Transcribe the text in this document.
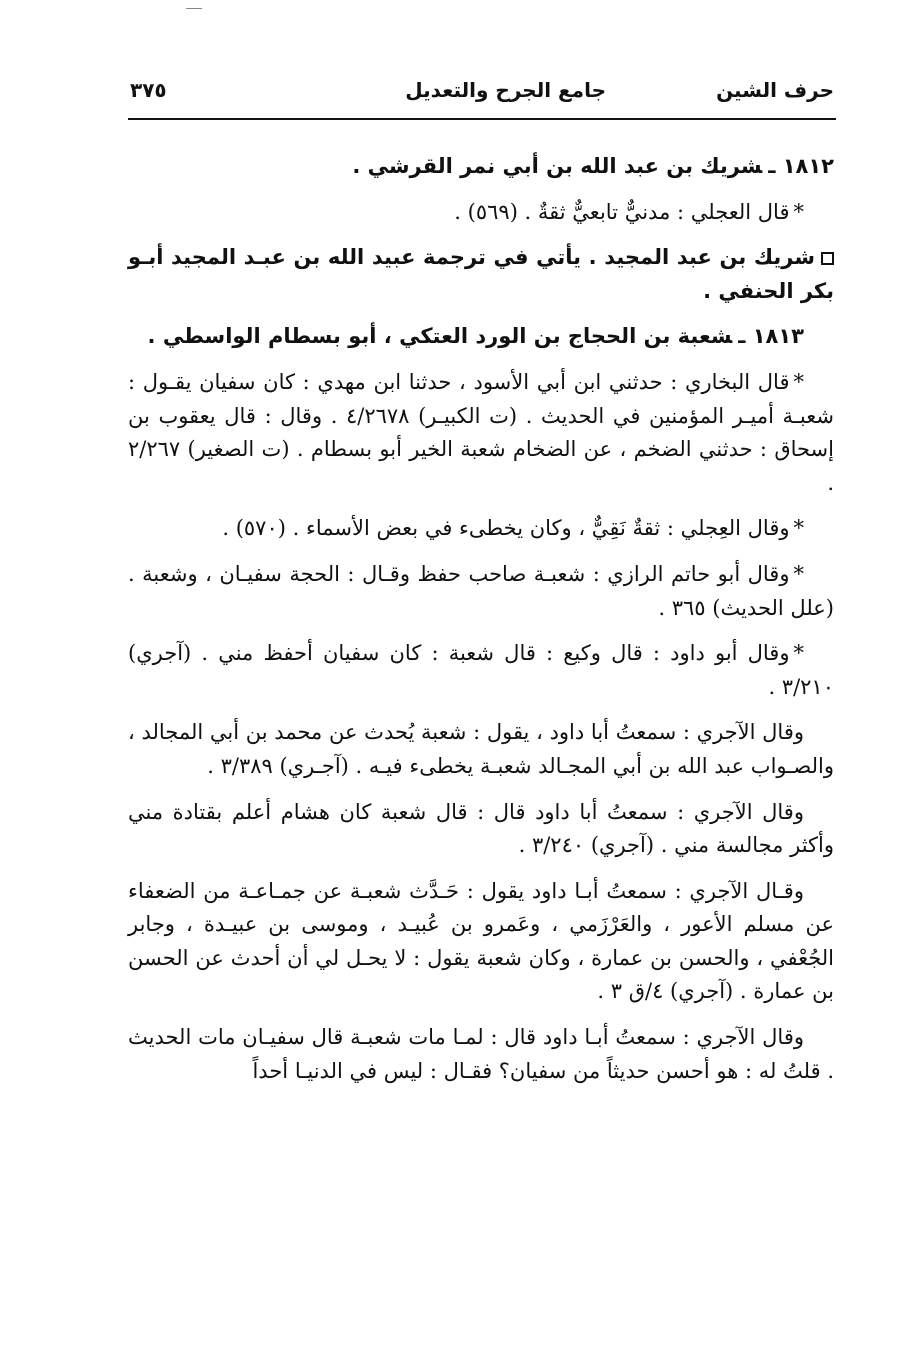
حرف الشين
جامع الجرح والتعديل
٣٧٥

١٨١٢ ـشريك بن عبد الله بن أبي نمر القرشي .

*قال العجلي : مدنيٌّ تابعيٌّ ثقةٌ . (٥٦٩) .

شريك بن عبد المجيد . يأتي في ترجمة عبيد الله بن عبـد المجيد أبـو بكر الحنفي .

١٨١٣ ـشعبة بن الحجاج بن الورد العتكي ، أبو بسطام الواسطي .

*قال البخاري : حدثني ابن أبي الأسود ، حدثنا ابن مهدي : كان سفيان يقـول : شعبـة أميـر المؤمنين في الحديث . (ت الكبيـر) ٤/٢٦٧٨ . وقال : قال يعقوب بن إسحاق : حدثني الضخم ، عن الضخام شعبة الخير أبو بسطام . (ت الصغير) ٢/٢٦٧ .

*وقال العِجلي : ثقةٌ نَقِيٌّ ، وكان يخطىء في بعض الأسماء . (٥٧٠) .

*وقال أبو حاتم الرازي : شعبـة صاحب حفظ وقـال : الحجة سفيـان ، وشعبة . (علل الحديث) ٣٦٥ .

*وقال أبو داود : قال وكيع : قال شعبة : كان سفيان أحفظ مني . (آجري) ٣/٢١٠ .

وقال الآجري : سمعتُ أبا داود ، يقول : شعبة يُحدث عن محمد بن أبي المجالد ، والصـواب عبد الله بن أبي المجـالد شعبـة يخطىء فيـه . (آجـري) ٣/٣٨٩ .

وقال الآجري : سمعتُ أبا داود قال : قال شعبة كان هشام أعلم بقتادة مني وأكثر مجالسة مني . (آجري) ٣/٢٤٠ .

وقـال الآجري : سمعتُ أبـا داود يقول : حَـدَّث شعبـة عن جمـاعـة من الضعفاء عن مسلم الأعور ، والعَرْزَمي ، وعَمرو بن عُبيـد ، وموسى بن عبيـدة ، وجابر الجُعْفي ، والحسن بن عمارة ، وكان شعبة يقول : لا يحـل لي أن أحدث عن الحسن بن عمارة . (آجري) ٤/ق ٣ .

وقال الآجري : سمعتُ أبـا داود قال : لمـا مات شعبـة قال سفيـان مات الحديث . قلتُ له : هو أحسن حديثاً من سفيان؟ فقـال : ليس في الدنيـا أحداً
